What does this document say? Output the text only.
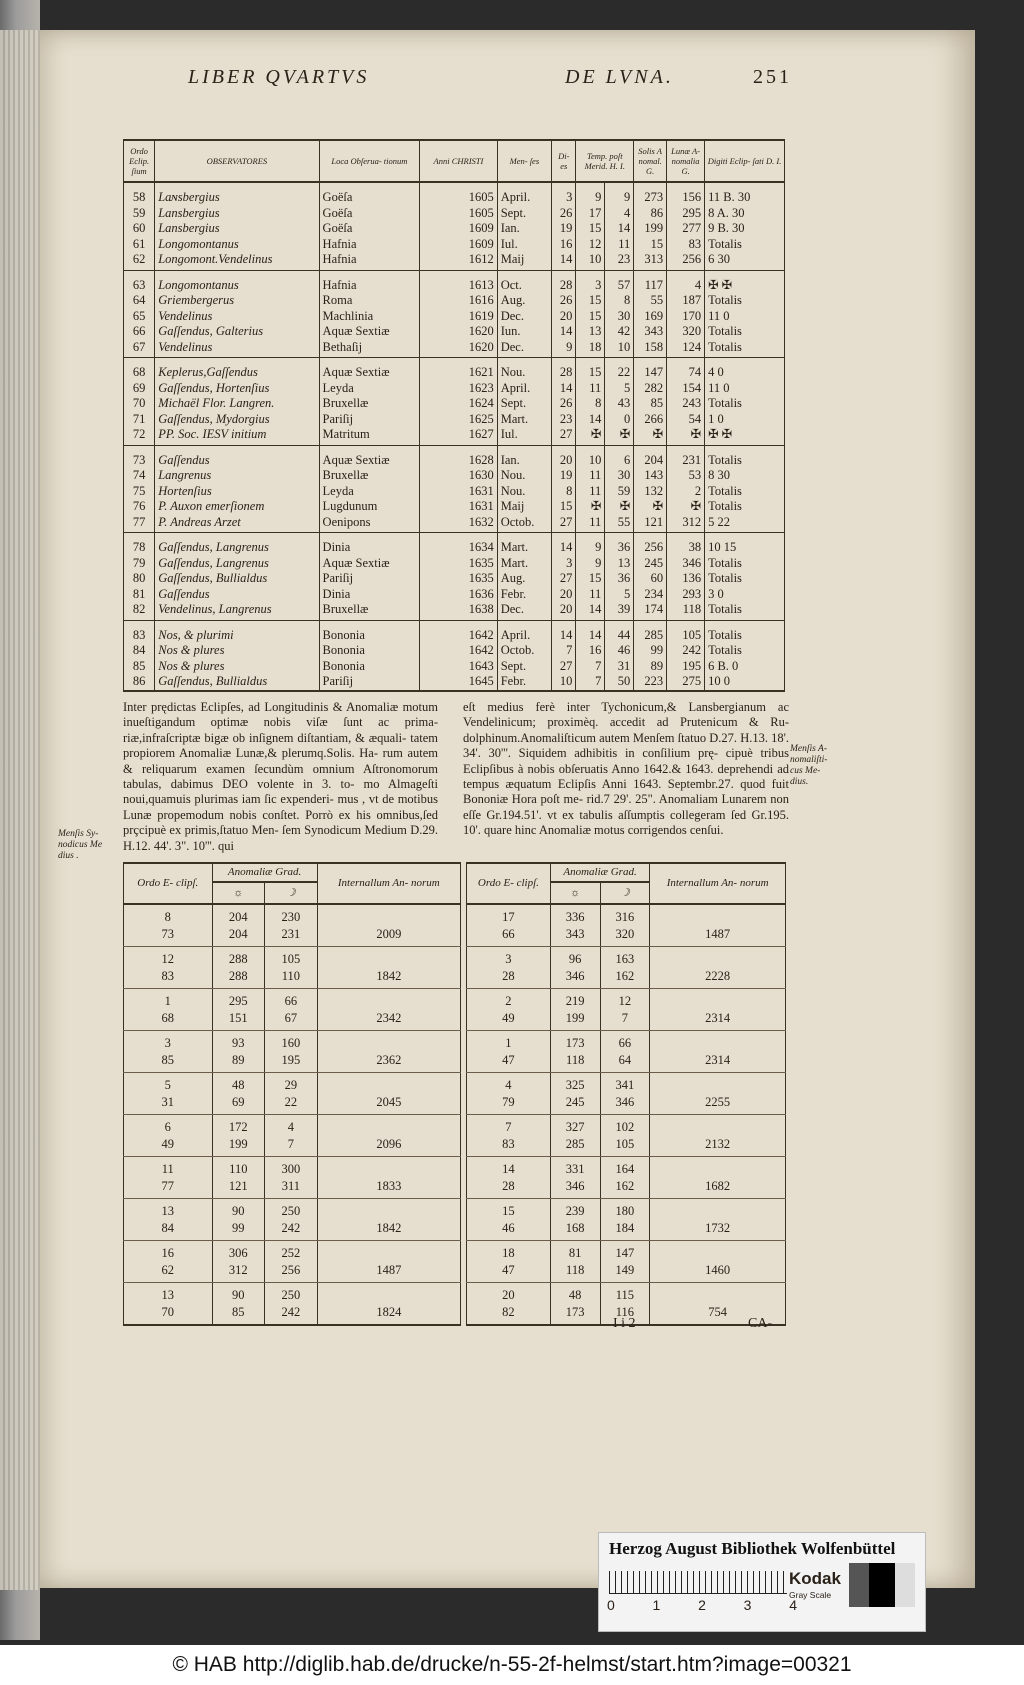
LIBER QVARTVS	DE LVNA.	251
Ordo Eclip. ſium	OBSERVATORES	Loca Obſerua- tionum	Anni CHRISTI	Men- ſes	Di- es	Temp. poſt Merid. H. I.		Solis A nomal. G.	Lunæ A- nomalia G.	Digiti Eclip- ſati D. I.
58	Laɴsbergius	Goëſa	1605	April.	3	9	9	273	156	11 B. 30
59	Lansbergius	Goëſa	1605	Sept.	26	17	4	86	295	8 A. 30
60	Lansbergius	Goëſa	1609	Ian.	19	15	14	199	277	9 B. 30
61	Longomontanus	Hafnia	1609	Iul.	16	12	11	15	83	Totalis
62	Longomont.Vendelinus	Hafnia	1612	Maij	14	10	23	313	256	6 30
63	Longomontanus	Hafnia	1613	Oct.	28	3	57	117	4	✠ ✠
64	Griembergerus	Roma	1616	Aug.	26	15	8	55	187	Totalis
65	Vendelinus	Machlinia	1619	Dec.	20	15	30	169	170	11 0
66	Gaſſendus, Galterius	Aquæ Sextiæ	1620	Iun.	14	13	42	343	320	Totalis
67	Vendelinus	Bethaſij	1620	Dec.	9	18	10	158	124	Totalis
68	Keplerus,Gaſſendus	Aquæ Sextiæ	1621	Nou.	28	15	22	147	74	4 0
69	Gaſſendus, Hortenſius	Leyda	1623	April.	14	11	5	282	154	11 0
70	Michaël Flor. Langren.	Bruxellæ	1624	Sept.	26	8	43	85	243	Totalis
71	Gaſſendus, Mydorgius	Pariſij	1625	Mart.	23	14	0	266	54	1 0
72	PP. Soc. IESV initium	Matritum	1627	Iul.	27	✠	✠	✠	✠	✠ ✠
73	Gaſſendus	Aquæ Sextiæ	1628	Ian.	20	10	6	204	231	Totalis
74	Langrenus	Bruxellæ	1630	Nou.	19	11	30	143	53	8 30
75	Hortenſius	Leyda	1631	Nou.	8	11	59	132	2	Totalis
76	P. Auxon emerſionem	Lugdunum	1631	Maij	15	✠	✠	✠	✠	Totalis
77	P. Andreas Arzet	Oenipons	1632	Octob.	27	11	55	121	312	5 22
78	Gaſſendus, Langrenus	Dinia	1634	Mart.	14	9	36	256	38	10 15
79	Gaſſendus, Langrenus	Aquæ Sextiæ	1635	Mart.	3	9	13	245	346	Totalis
80	Gaſſendus, Bullialdus	Pariſij	1635	Aug.	27	15	36	60	136	Totalis
81	Gaſſendus	Dinia	1636	Febr.	20	11	5	234	293	3 0
82	Vendelinus, Langrenus	Bruxellæ	1638	Dec.	20	14	39	174	118	Totalis
83	Nos, & plurimi	Bononia	1642	April.	14	14	44	285	105	Totalis
84	Nos & plures	Bononia	1642	Octob.	7	16	46	99	242	Totalis
85	Nos & plures	Bononia	1643	Sept.	27	7	31	89	195	6 B. 0
86	Gaſſendus, Bullialdus	Pariſij	1645	Febr.	10	7	50	223	275	10 0
Inter prędictas Eclipſes, ad Longitudinis & Anomaliæ motum inueſtigandum optimæ nobis viſæ ſunt ac prima- riæ,infraſcriptæ bigæ ob inſignem diſtantiam, & æquali- tatem propiorem Anomaliæ Lunæ,& plerumq.Solis. Ha- rum autem & reliquarum examen ſecundùm omnium Aſtronomorum tabulas, dabimus DEO volente in 3. to- mo Almageſti noui,quamuis plurimas iam ſic expenderi- mus , vt de motibus Lunæ propemodum nobis conſtet. Porrò ex his omnibus,ſed prçcipuè ex primis,ſtatuo Men- ſem Synodicum Medium D.29. H.12. 44'. 3". 10'''. qui
eſt medius ferè inter Tychonicum,& Lansbergianum ac Vendelinicum; proximèq. accedit ad Prutenicum & Ru- dolphinum.Anomaliſticum autem Menſem ſtatuo D.27. H.13. 18'. 34'. 30'''. Siquidem adhibitis in conſilium prę- cipuè tribus Eclipſibus à nobis obſeruatis Anno 1642.& 1643. deprehendi ad tempus æquatum Eclipſis Anni 1643. Septembr.27. quod fuit Bononiæ Hora poſt me- rid.7 29'. 25". Anomaliam Lunarem non eſſe Gr.194.51'. vt ex tabulis aſſumptis collegeram ſed Gr.195. 10'. quare hinc Anomaliæ motus corrigendos cenſui.
Menſis A- nomaliſti- cus Me- dius.
Menſis Sy- nodicus Me dius .
Ordo E- clipſ.	Anomaliæ Grad.		Internallum An- norum
	☼	☽	
8	204	230	
73	204	231	2009
12	288	105	
83	288	110	1842
1	295	66	
68	151	67	2342
3	93	160	
85	89	195	2362
5	48	29	
31	69	22	2045
6	172	4	
49	199	7	2096
11	110	300	
77	121	311	1833
13	90	250	
84	99	242	1842
16	306	252	
62	312	256	1487
13	90	250	
70	85	242	1824
Ordo E- clipſ.	Anomaliæ Grad.		Internallum An- norum
	☼	☽	
17	336	316	
66	343	320	1487
3	96	163	
28	346	162	2228
2	219	12	
49	199	7	2314
1	173	66	
47	118	64	2314
4	325	341	
79	245	346	2255
7	327	102	
83	285	105	2132
14	331	164	
28	346	162	1682
15	239	180	
46	168	184	1732
18	81	147	
47	118	149	1460
20	48	115	
82	173	116	754
I i 2	CA-
Herzog August Bibliothek Wolfenbüttel
0	1	2	3	4
Kodak
Gray Scale
© HAB http://diglib.hab.de/drucke/n-55-2f-helmst/start.htm?image=00321
